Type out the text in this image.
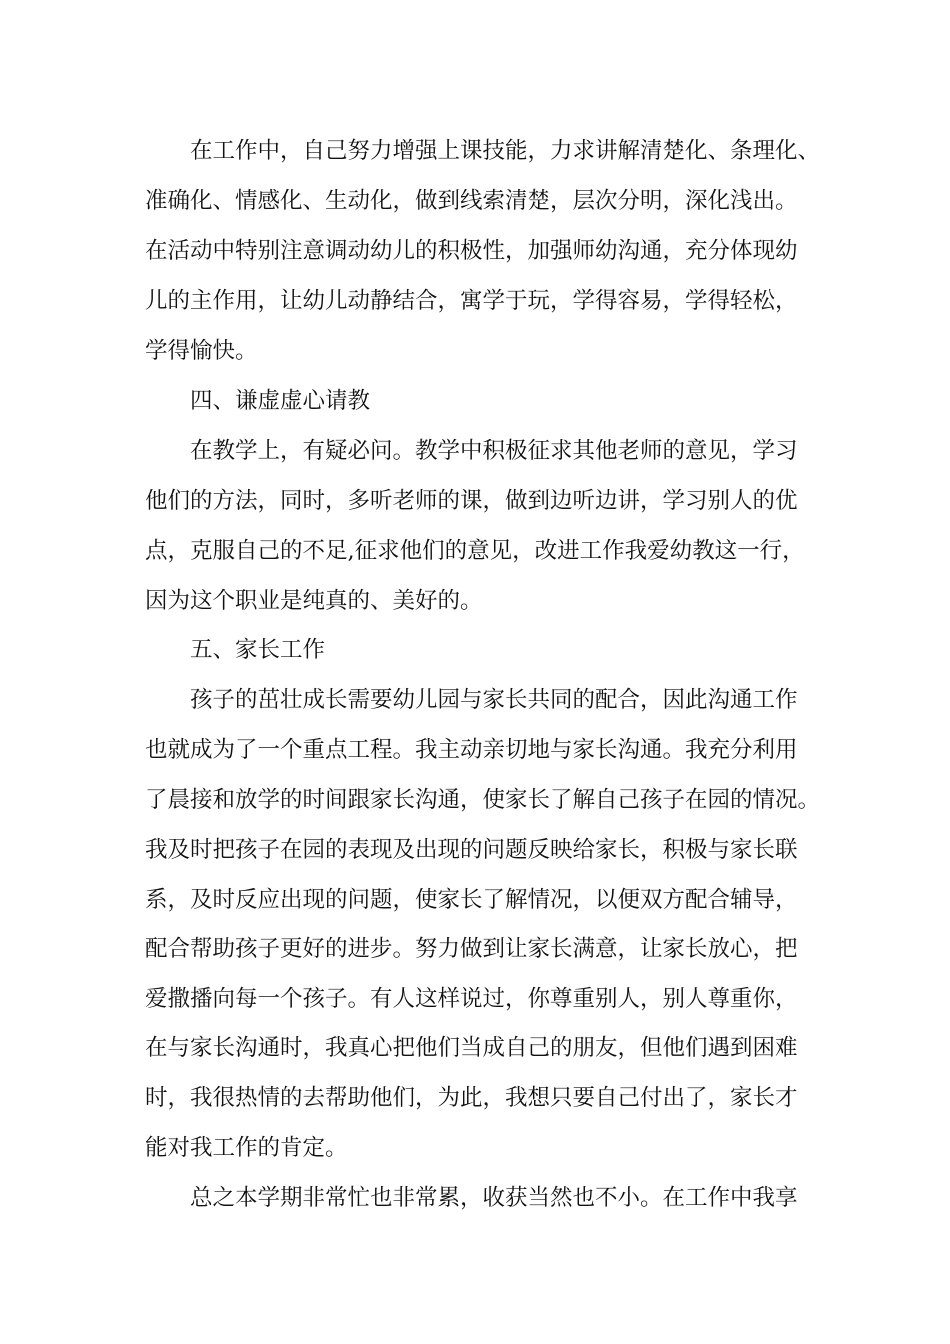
在工作中，自己努力增强上课技能，力求讲解清楚化、条理化、
准确化、情感化、生动化，做到线索清楚，层次分明，深化浅出。
在活动中特别注意调动幼儿的积极性，加强师幼沟通，充分体现幼
儿的主作用，让幼儿动静结合，寓学于玩，学得容易，学得轻松，
学得愉快。
四、谦虚虚心请教
在教学上，有疑必问。教学中积极征求其他老师的意见，学习
他们的方法，同时，多听老师的课，做到边听边讲，学习别人的优
点，克服自己的不足,征求他们的意见，改进工作我爱幼教这一行，
因为这个职业是纯真的、美好的。
五、家长工作
孩子的茁壮成长需要幼儿园与家长共同的配合，因此沟通工作
也就成为了一个重点工程。我主动亲切地与家长沟通。我充分利用
了晨接和放学的时间跟家长沟通，使家长了解自己孩子在园的情况。
我及时把孩子在园的表现及出现的问题反映给家长，积极与家长联
系，及时反应出现的问题，使家长了解情况，以便双方配合辅导，
配合帮助孩子更好的进步。努力做到让家长满意，让家长放心，把
爱撒播向每一个孩子。有人这样说过，你尊重别人，别人尊重你，
在与家长沟通时，我真心把他们当成自己的朋友，但他们遇到困难
时，我很热情的去帮助他们，为此，我想只要自己付出了，家长才
能对我工作的肯定。
总之本学期非常忙也非常累，收获当然也不小。在工作中我享
